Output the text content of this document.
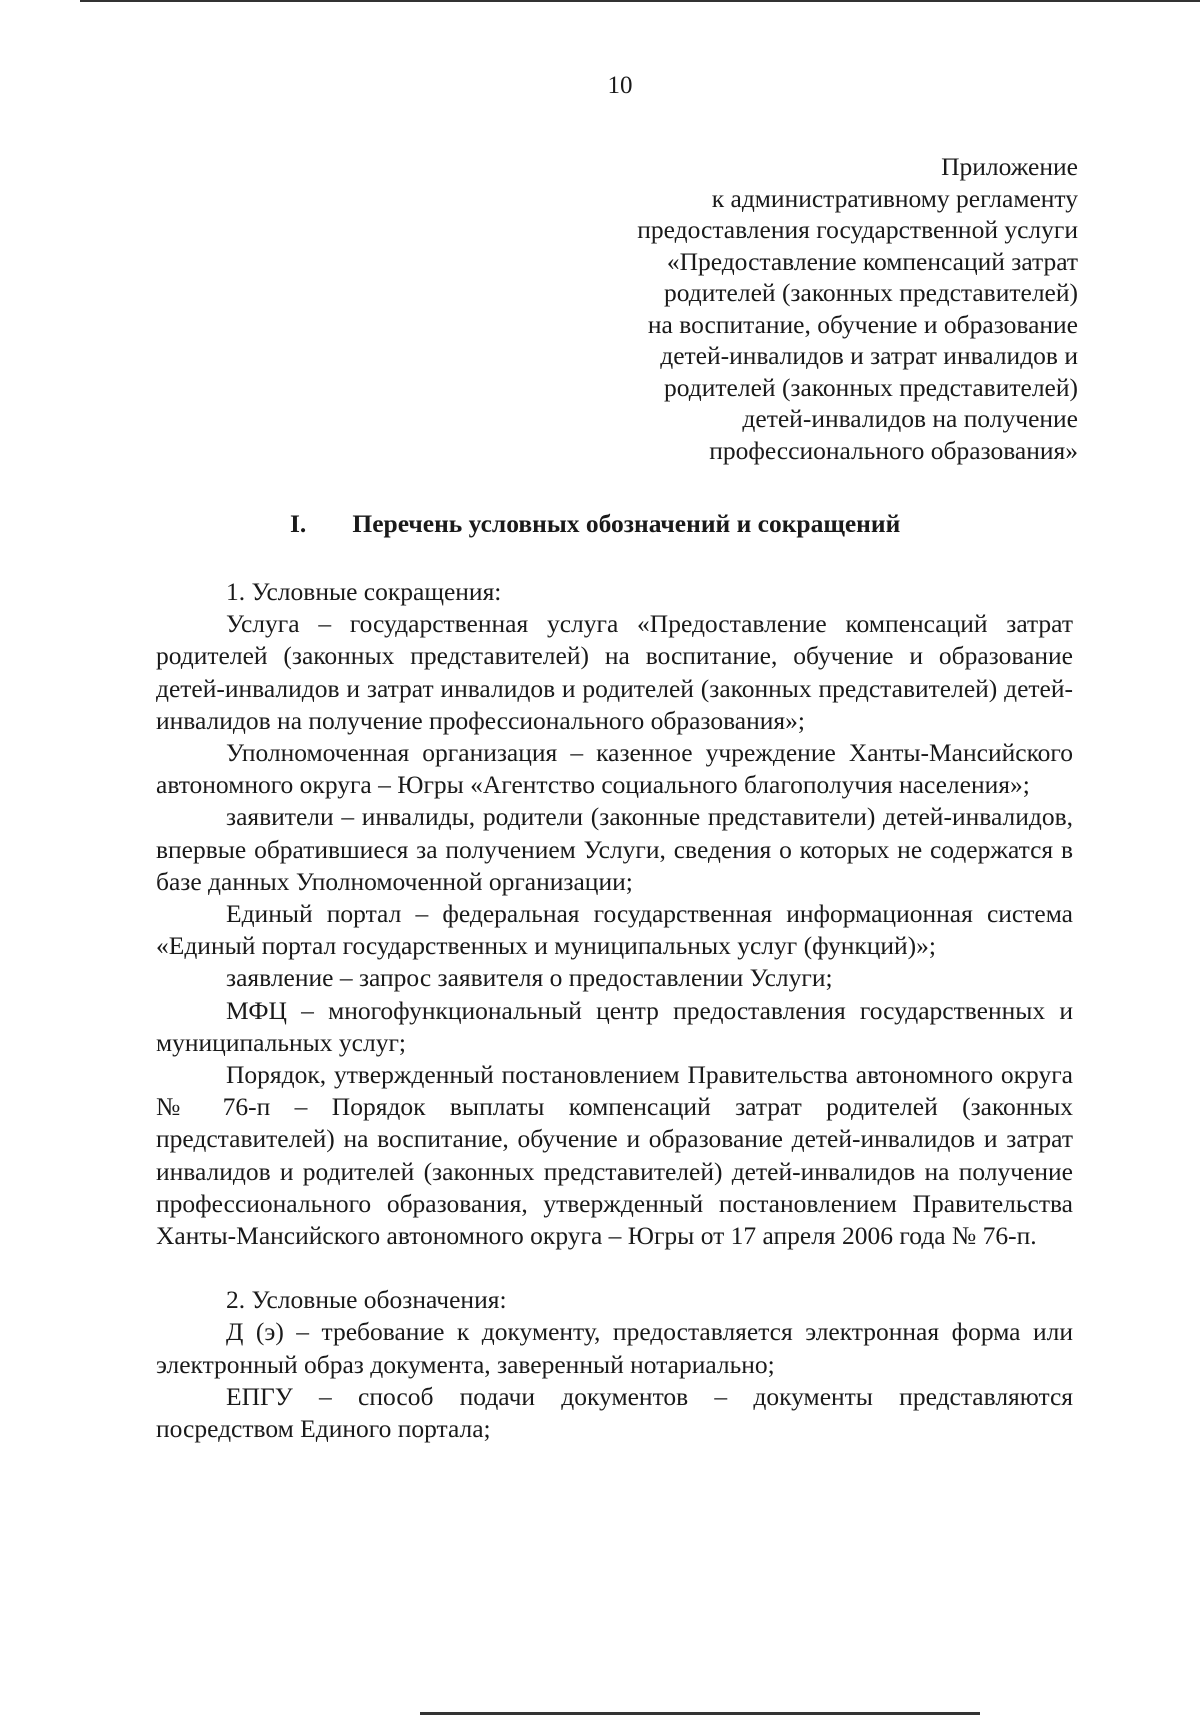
10
Приложение
к административному регламенту
предоставления государственной услуги
«Предоставление компенсаций затрат
родителей (законных представителей)
на воспитание, обучение и образование
детей-инвалидов и затрат инвалидов и
родителей (законных представителей)
детей-инвалидов на получение
профессионального образования»
I. Перечень условных обозначений и сокращений

1. Условные сокращения:

Услуга – государственная услуга «Предоставление компенсаций затрат родителей (законных представителей) на воспитание, обучение и образование детей-инвалидов и затрат инвалидов и родителей (законных представителей) детей-инвалидов на получение профессионального образования»;

Уполномоченная организация – казенное учреждение Ханты-Мансийского автономного округа – Югры «Агентство социального благополучия населения»;

заявители – инвалиды, родители (законные представители) детей-инвалидов, впервые обратившиеся за получением Услуги, сведения о которых не содержатся в базе данных Уполномоченной организации;

Единый портал – федеральная государственная информационная система «Единый портал государственных и муниципальных услуг (функций)»;

заявление – запрос заявителя о предоставлении Услуги;

МФЦ – многофункциональный центр предоставления государственных и муниципальных услуг;

Порядок, утвержденный постановлением Правительства автономного округа № 76-п – Порядок выплаты компенсаций затрат родителей (законных представителей) на воспитание, обучение и образование детей-инвалидов и затрат инвалидов и родителей (законных представителей) детей-инвалидов на получение профессионального образования, утвержденный постановлением Правительства Ханты-Мансийского автономного округа – Югры от 17 апреля 2006 года № 76-п.

2. Условные обозначения:

Д (э) – требование к документу, предоставляется электронная форма или электронный образ документа, заверенный нотариально;

ЕПГУ – способ подачи документов – документы представляются посредством Единого портала;
